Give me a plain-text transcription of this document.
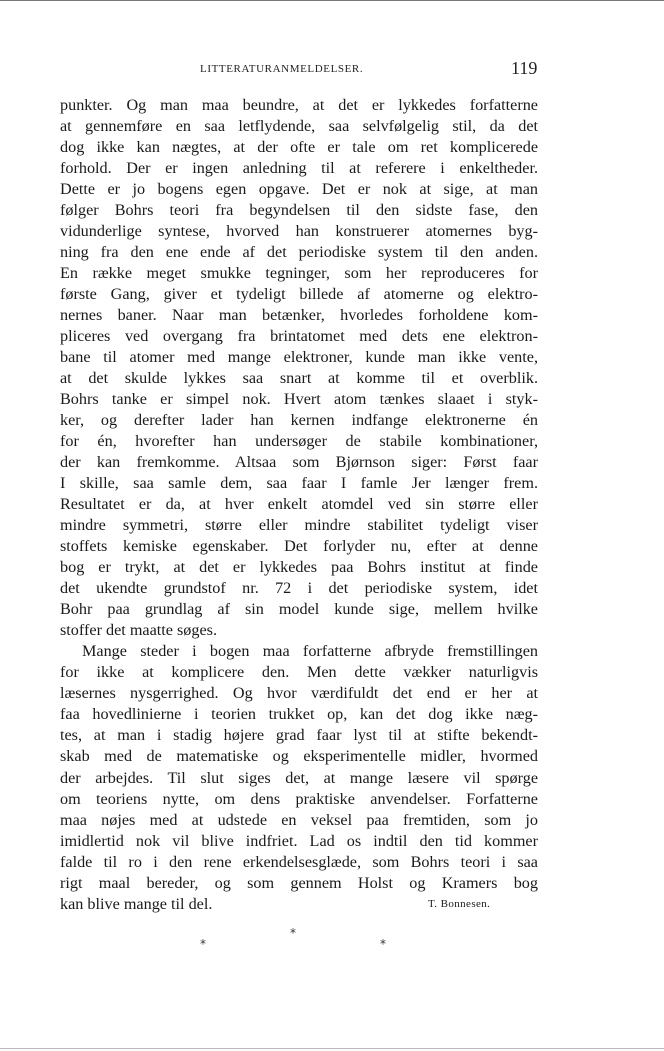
LITTERATURANMELDELSER.	119
punkter. Og man maa beundre, at det er lykkedes forfatterne
at gennemføre en saa letflydende, saa selvfølgelig stil, da det
dog ikke kan nægtes, at der ofte er tale om ret komplicerede
forhold. Der er ingen anledning til at referere i enkeltheder.
Dette er jo bogens egen opgave. Det er nok at sige, at man
følger Bohrs teori fra begyndelsen til den sidste fase, den
vidunderlige syntese, hvorved han konstruerer atomernes byg-
ning fra den ene ende af det periodiske system til den anden.
En række meget smukke tegninger, som her reproduceres for
første Gang, giver et tydeligt billede af atomerne og elektro-
nernes baner. Naar man betænker, hvorledes forholdene kom-
pliceres ved overgang fra brintatomet med dets ene elektron-
bane til atomer med mange elektroner, kunde man ikke vente,
at det skulde lykkes saa snart at komme til et overblik.
Bohrs tanke er simpel nok. Hvert atom tænkes slaaet i styk-
ker, og derefter lader han kernen indfange elektronerne én
for én, hvorefter han undersøger de stabile kombinationer,
der kan fremkomme. Altsaa som Bjørnson siger: Først faar
I skille, saa samle dem, saa faar I famle Jer længer frem.
Resultatet er da, at hver enkelt atomdel ved sin større eller
mindre symmetri, større eller mindre stabilitet tydeligt viser
stoffets kemiske egenskaber. Det forlyder nu, efter at denne
bog er trykt, at det er lykkedes paa Bohrs institut at finde
det ukendte grundstof nr. 72 i det periodiske system, idet
Bohr paa grundlag af sin model kunde sige, mellem hvilke
stoffer det maatte søges.
Mange steder i bogen maa forfatterne afbryde fremstillingen
for ikke at komplicere den. Men dette vækker naturligvis
læsernes nysgerrighed. Og hvor værdifuldt det end er her at
faa hovedlinierne i teorien trukket op, kan det dog ikke næg-
tes, at man i stadig højere grad faar lyst til at stifte bekendt-
skab med de matematiske og eksperimentelle midler, hvormed
der arbejdes. Til slut siges det, at mange læsere vil spørge
om teoriens nytte, om dens praktiske anvendelser. Forfatterne
maa nøjes med at udstede en veksel paa fremtiden, som jo
imidlertid nok vil blive indfriet. Lad os indtil den tid kommer
falde til ro i den rene erkendelsesglæde, som Bohrs teori i saa
rigt maal bereder, og som gennem Holst og Kramers bog
kan blive mange til del.	T. Bonnesen.
*
*	*
